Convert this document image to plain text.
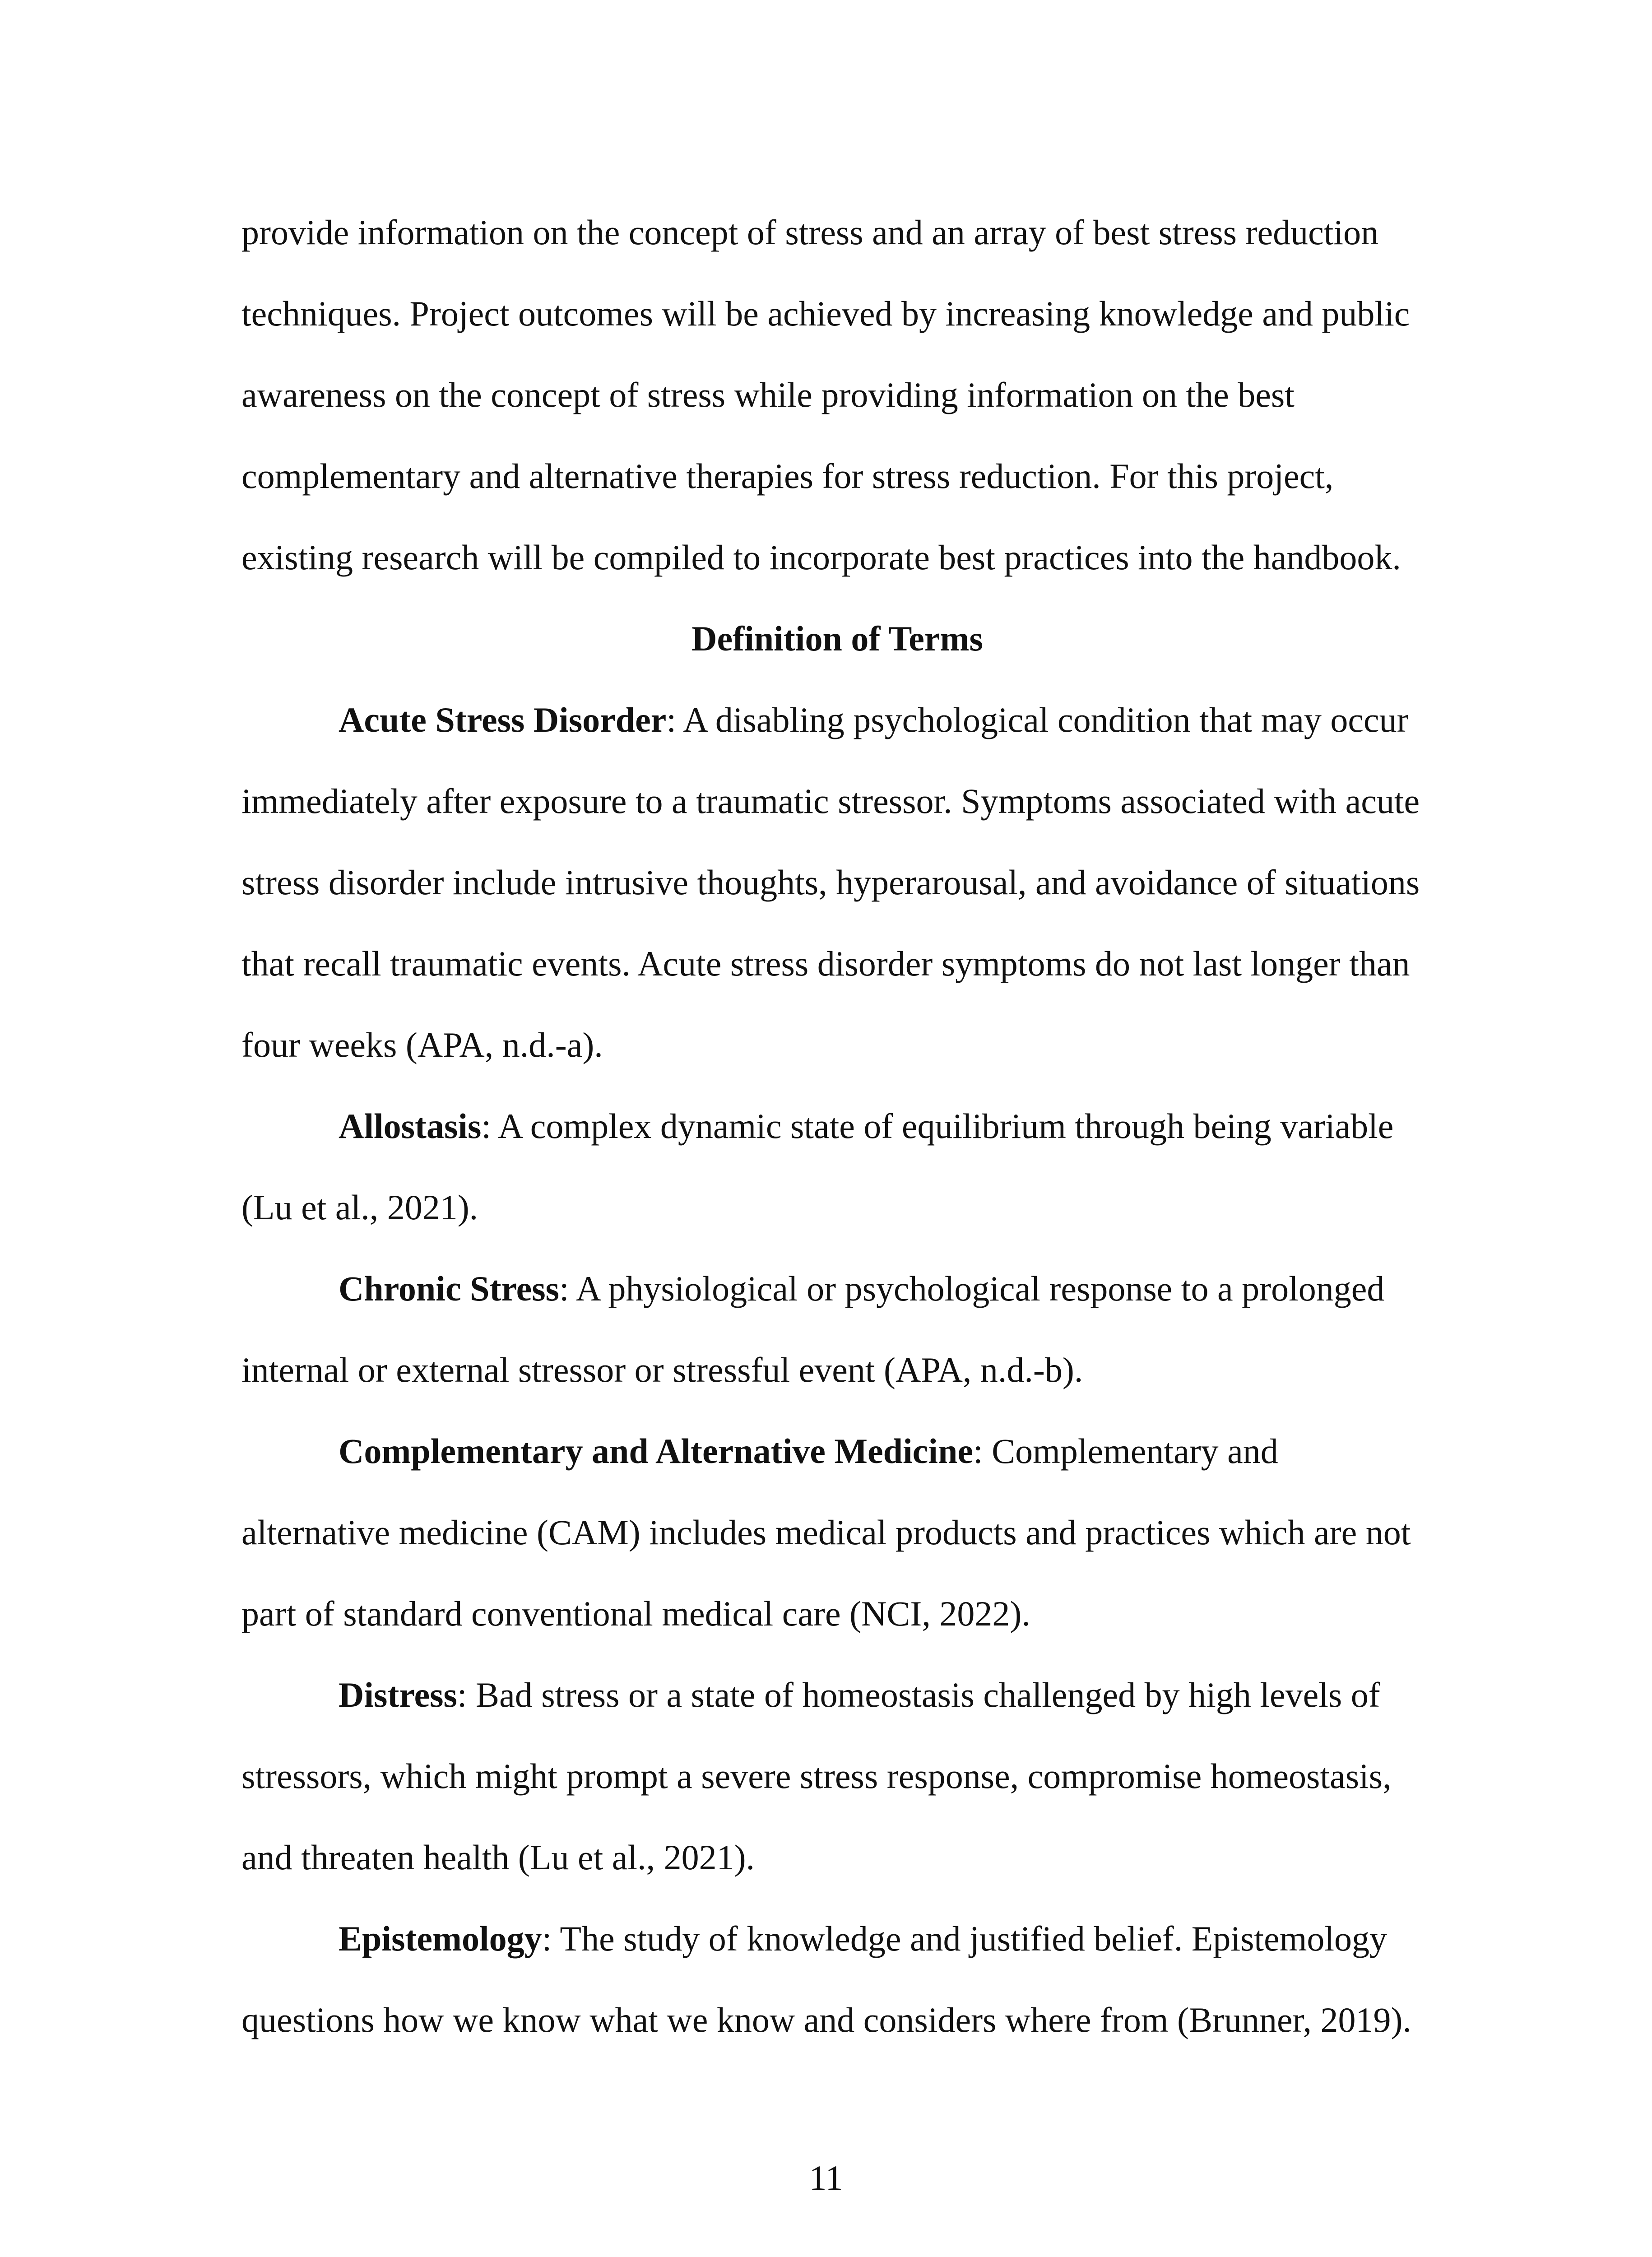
provide information on the concept of stress and an array of best stress reduction techniques. Project outcomes will be achieved by increasing knowledge and public awareness on the concept of stress while providing information on the best complementary and alternative therapies for stress reduction. For this project, existing research will be compiled to incorporate best practices into the handbook.

Definition of Terms

Acute Stress Disorder: A disabling psychological condition that may occur immediately after exposure to a traumatic stressor. Symptoms associated with acute stress disorder include intrusive thoughts, hyperarousal, and avoidance of situations that recall traumatic events. Acute stress disorder symptoms do not last longer than four weeks (APA, n.d.-a).

Allostasis: A complex dynamic state of equilibrium through being variable (Lu et al., 2021).

Chronic Stress: A physiological or psychological response to a prolonged internal or external stressor or stressful event (APA, n.d.-b).

Complementary and Alternative Medicine: Complementary and alternative medicine (CAM) includes medical products and practices which are not part of standard conventional medical care (NCI, 2022).

Distress: Bad stress or a state of homeostasis challenged by high levels of stressors, which might prompt a severe stress response, compromise homeostasis, and threaten health (Lu et al., 2021).

Epistemology: The study of knowledge and justified belief. Epistemology questions how we know what we know and considers where from (Brunner, 2019).

11
